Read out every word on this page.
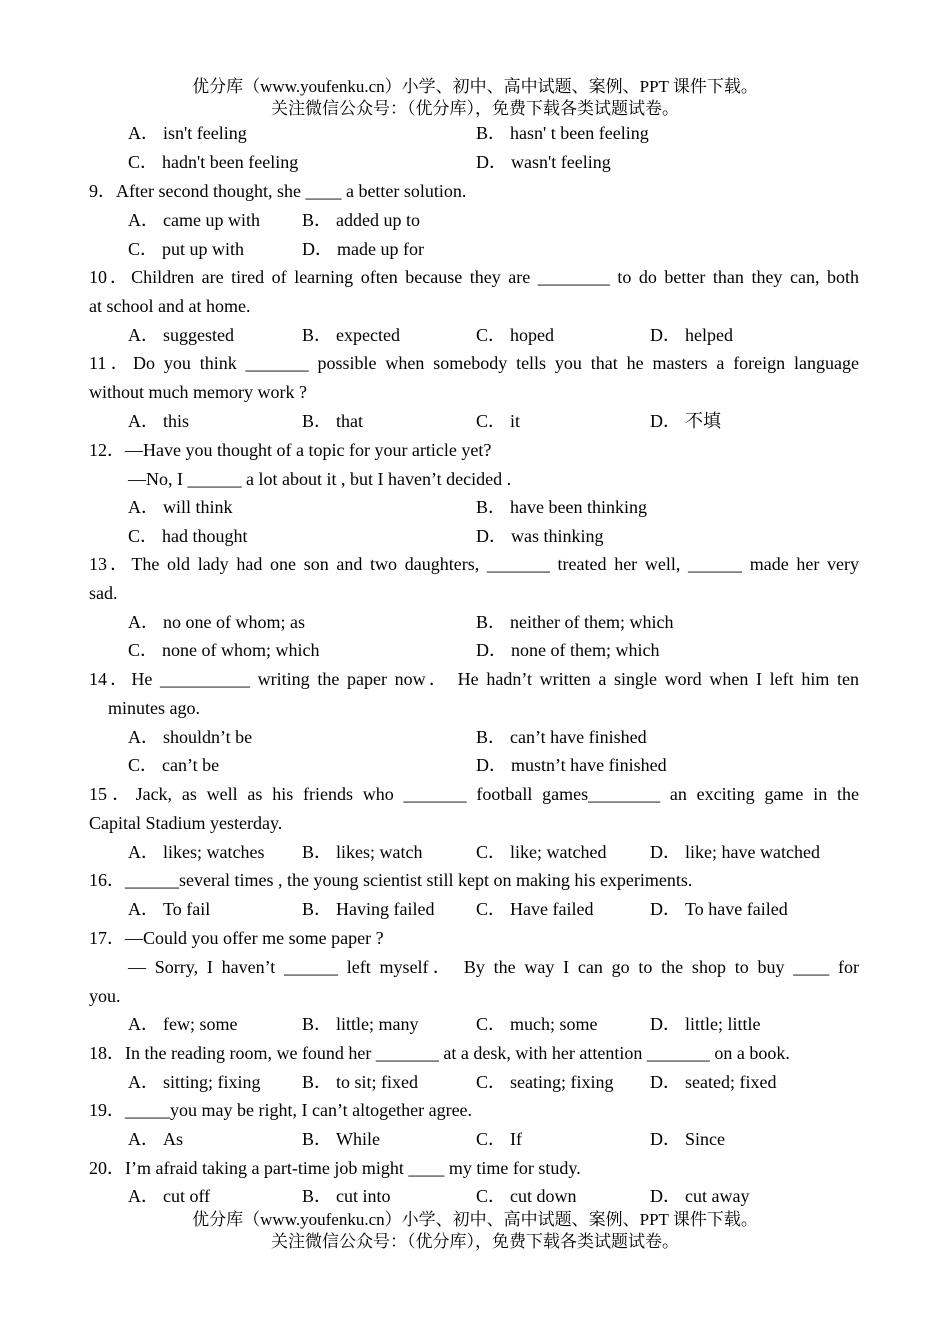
优分库（www.youfenku.cn）小学、初中、高中试题、案例、PPT 课件下载。
关注微信公众号：（优分库），免费下载各类试题试卷。
A． isn't feeling	B． hasn' t been feeling
C． hadn't been feeling	D． wasn't feeling
9．After second thought, she ____ a better solution.
A． came up with B． added up to
C． put up with	D． made up for
10．Children are tired of learning often because they are ________ to do better than they can, both
at school and at home.
A． suggested	B． expected	C． hoped	D． helped
11．Do you think _______ possible when somebody tells you that he masters a foreign language
without much memory work ?
A． this	B． that	C． it	D． 不填
12．—Have you thought of a topic for your article yet?
—No, I ______ a lot about it , but I haven’t decided .
A． will think	B． have been thinking
C． had thought	D． was thinking
13．The old lady had one son and two daughters, _______ treated her well, ______ made her very
sad.
A． no one of whom; as	B． neither of them; which
C． none of whom; which	D． none of them; which
14．He __________ writing the paper now． He hadn’t written a single word when I left him ten
minutes ago.
A． shouldn’t be	B． can’t have finished
C． can’t be	D． mustn’t have finished
15．Jack, as well as his friends who _______ football games________ an exciting game in the
Capital Stadium yesterday.
A． likes; watches B． likes; watch	C． like; watched D． like; have watched
16．______several times , the young scientist still kept on making his experiments.
A． To fail	B． Having failed C． Have failed	D． To have failed
17．—Could you offer me some paper ?
— Sorry, I haven’t ______ left myself． By the way I can go to the shop to buy ____ for
you.
A． few; some	B． little; many	C． much; some	D． little; little
18．In the reading room, we found her _______ at a desk, with her attention _______ on a book.
A． sitting; fixing B． to sit; fixed	C． seating; fixing D． seated; fixed
19．_____you may be right, I can’t altogether agree.
A． As	B． While	C． If	D． Since
20．I’m afraid taking a part-time job might ____ my time for study.
A． cut off	B． cut into	C． cut down	D． cut away
优分库（www.youfenku.cn）小学、初中、高中试题、案例、PPT 课件下载。
关注微信公众号：（优分库），免费下载各类试题试卷。
